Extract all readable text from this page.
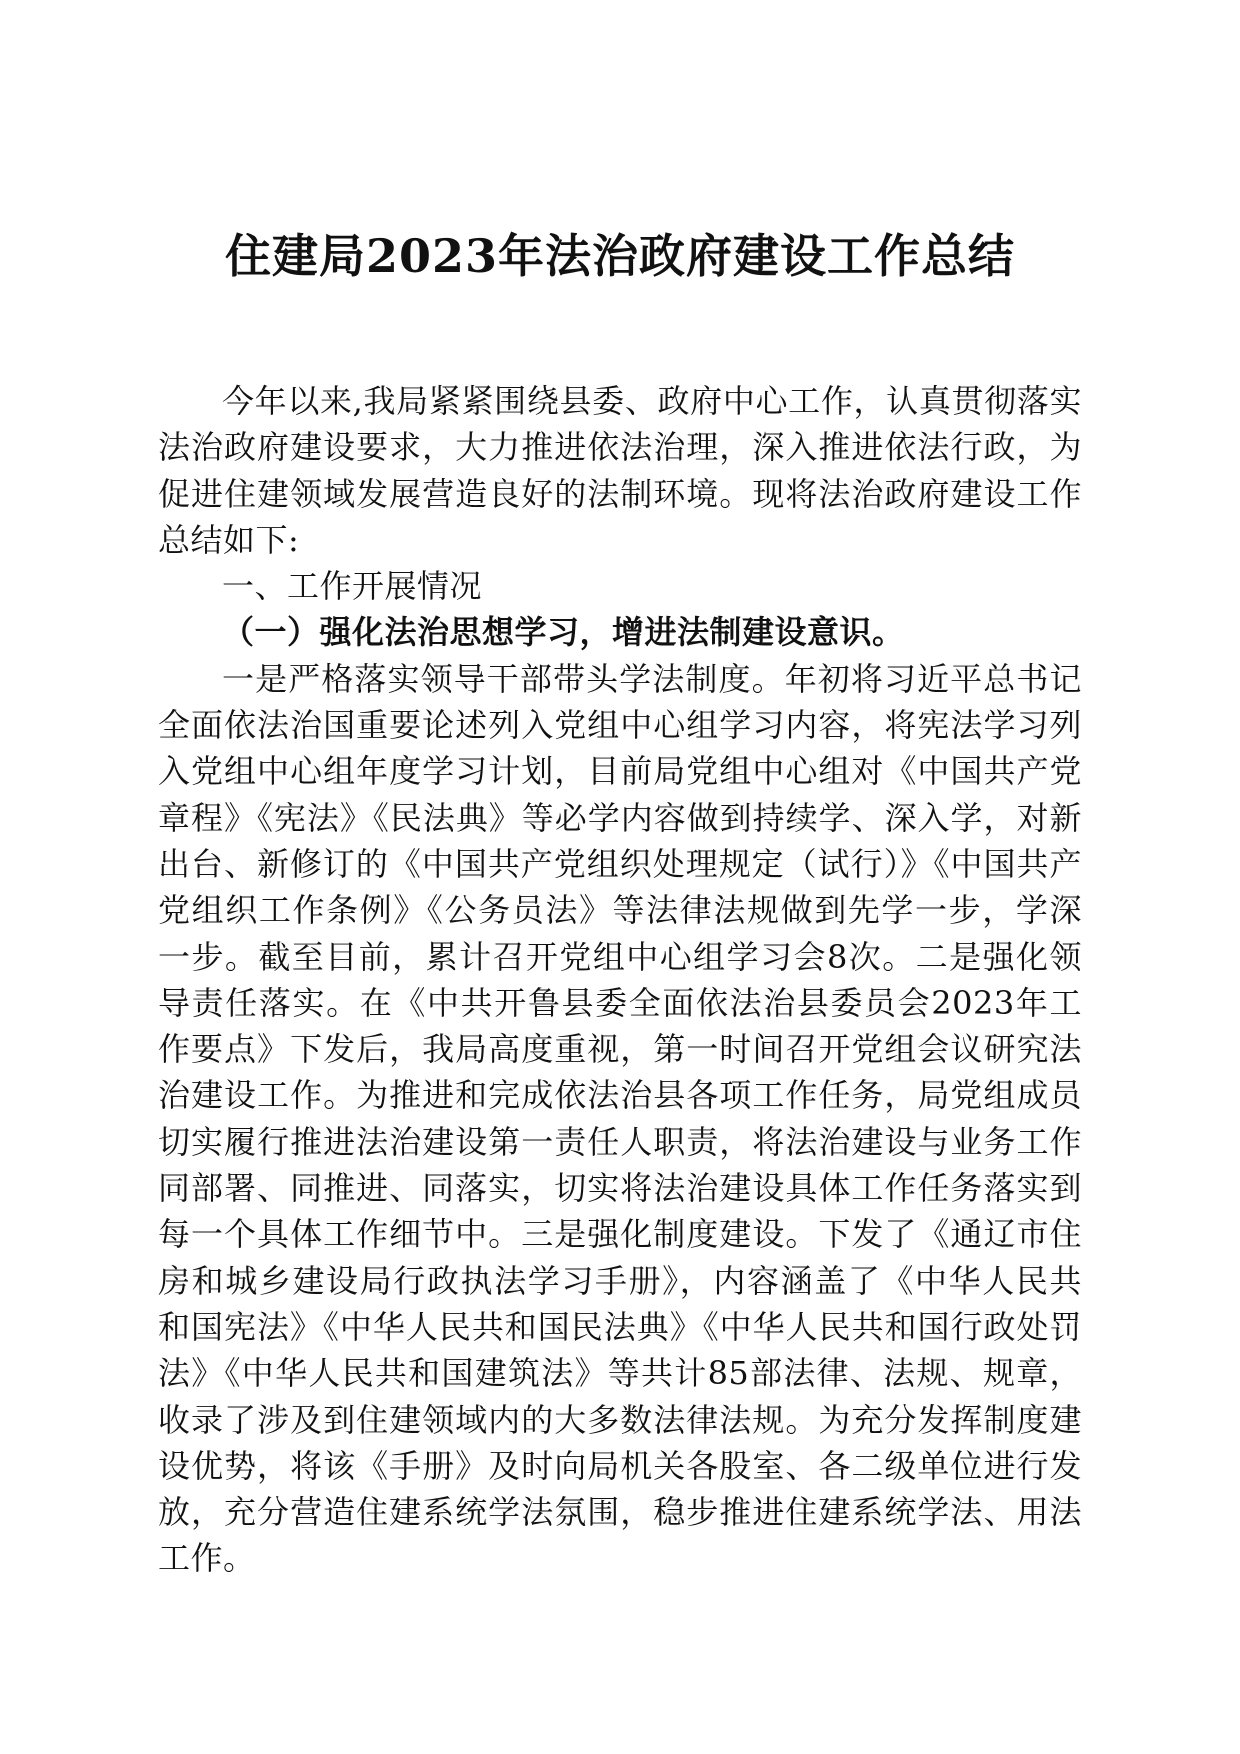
住建局2023年法治政府建设工作总结

今年以来,我局紧紧围绕县委、政府中心工作，认真贯彻落实法治政府建设要求，大力推进依法治理，深入推进依法行政，为促进住建领域发展营造良好的法制环境。现将法治政府建设工作总结如下:

一、工作开展情况

（一）强化法治思想学习，增进法制建设意识。

一是严格落实领导干部带头学法制度。年初将习近平总书记全面依法治国重要论述列入党组中心组学习内容，将宪法学习列入党组中心组年度学习计划，目前局党组中心组对《中国共产党章程》《宪法》《民法典》等必学内容做到持续学、深入学，对新出台、新修订的《中国共产党组织处理规定（试行）》《中国共产党组织工作条例》《公务员法》等法律法规做到先学一步，学深一步。截至目前，累计召开党组中心组学习会8次。二是强化领导责任落实。在《中共开鲁县委全面依法治县委员会2023年工作要点》下发后，我局高度重视，第一时间召开党组会议研究法治建设工作。为推进和完成依法治县各项工作任务，局党组成员切实履行推进法治建设第一责任人职责，将法治建设与业务工作同部署、同推进、同落实，切实将法治建设具体工作任务落实到每一个具体工作细节中。三是强化制度建设。下发了《通辽市住房和城乡建设局行政执法学习手册》，内容涵盖了《中华人民共和国宪法》《中华人民共和国民法典》《中华人民共和国行政处罚法》《中华人民共和国建筑法》等共计85部法律、法规、规章，收录了涉及到住建领域内的大多数法律法规。为充分发挥制度建设优势，将该《手册》及时向局机关各股室、各二级单位进行发放，充分营造住建系统学法氛围，稳步推进住建系统学法、用法工作。
